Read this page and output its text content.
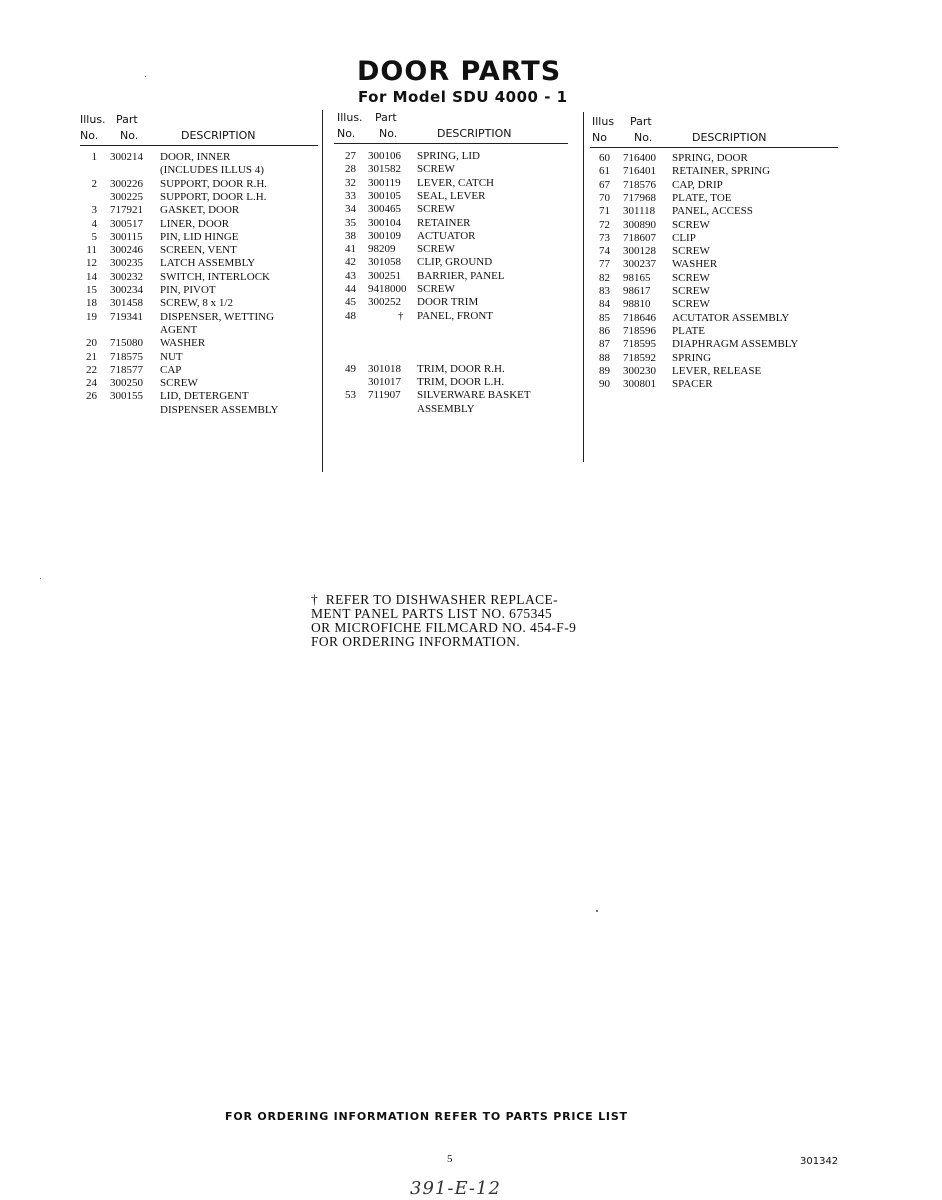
DOOR PARTS
For Model SDU 4000 - 1
Illus. Part
No. No.	DESCRIPTION
Illus. Part
No. No.	DESCRIPTION
Illus Part
No No.	DESCRIPTION
1 300214 DOOR, INNER
(INCLUDES ILLUS 4)
2 300226 SUPPORT, DOOR R.H.
300225 SUPPORT, DOOR L.H.
3 717921 GASKET, DOOR
4 300517 LINER, DOOR
5 300115 PIN, LID HINGE
11 300246 SCREEN, VENT
12 300235 LATCH ASSEMBLY
14 300232 SWITCH, INTERLOCK
15 300234 PIN, PIVOT
18 301458 SCREW, 8 x 1/2
19 719341 DISPENSER, WETTING
AGENT
20 715080 WASHER
21 718575 NUT
22 718577 CAP
24 300250 SCREW
26 300155 LID, DETERGENT
DISPENSER ASSEMBLY
27 300106 SPRING, LID
28 301582 SCREW
32 300119 LEVER, CATCH
33 300105 SEAL, LEVER
34 300465 SCREW
35 300104 RETAINER
38 300109 ACTUATOR
41 98209 SCREW
42 301058 CLIP, GROUND
43 300251 BARRIER, PANEL
44 9418000 SCREW
45 300252 DOOR TRIM
48	† PANEL, FRONT
49 301018 TRIM, DOOR R.H.
301017 TRIM, DOOR L.H.
53 711907 SILVERWARE BASKET
ASSEMBLY
60 716400 SPRING, DOOR
61 716401 RETAINER, SPRING
67 718576 CAP, DRIP
70 717968 PLATE, TOE
71 301118 PANEL, ACCESS
72 300890 SCREW
73 718607 CLIP
74 300128 SCREW
77 300237 WASHER
82 98165 SCREW
83 98617 SCREW
84 98810 SCREW
85 718646 ACUTATOR ASSEMBLY
86 718596 PLATE
87 718595 DIAPHRAGM ASSEMBLY
88 718592 SPRING
89 300230 LEVER, RELEASE
90 300801 SPACER
†  REFER TO DISHWASHER REPLACE-
MENT PANEL PARTS LIST NO. 675345
OR MICROFICHE FILMCARD NO. 454-F-9
FOR ORDERING INFORMATION.
FOR ORDERING INFORMATION REFER TO PARTS PRICE LIST
5	301342
391-E-12
